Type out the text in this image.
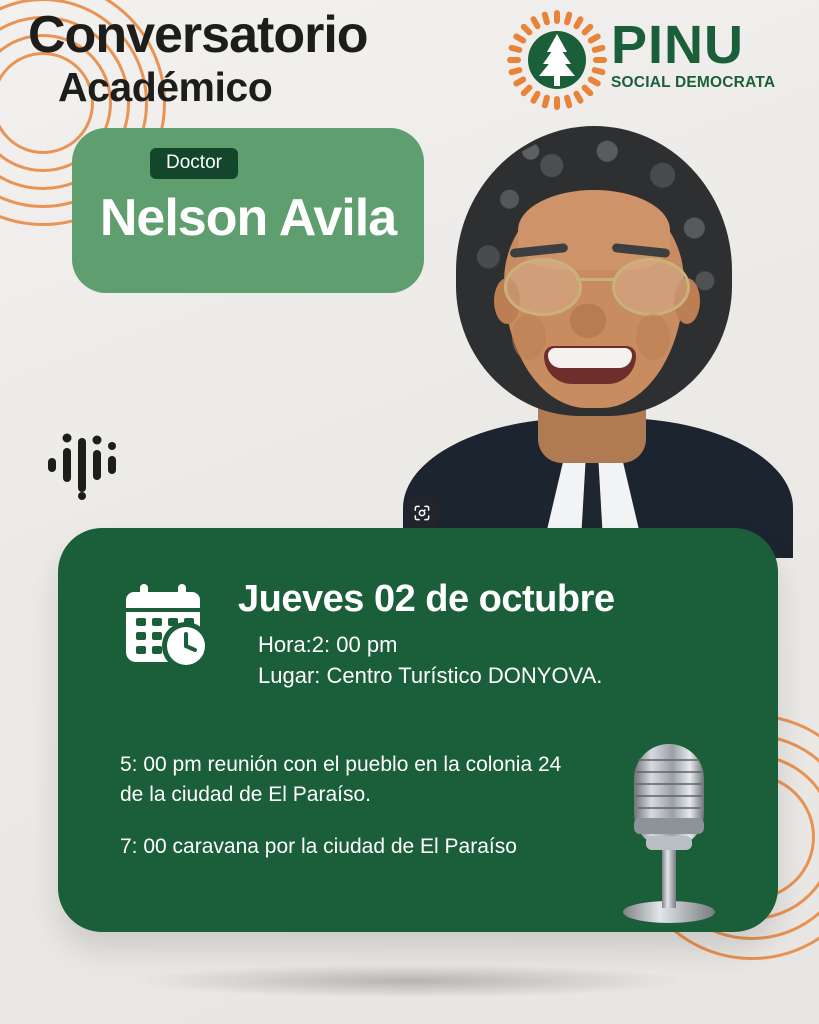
Conversatorio
Académico
PINU
SOCIAL DEMOCRATA
Doctor
Nelson Avila
Jueves 02 de octubre
Hora:2: 00 pm
Lugar: Centro Turístico DONYOVA.
5: 00 pm reunión con el pueblo en la colonia 24 de la ciudad de El Paraíso.
7: 00 caravana por la ciudad de El Paraíso
